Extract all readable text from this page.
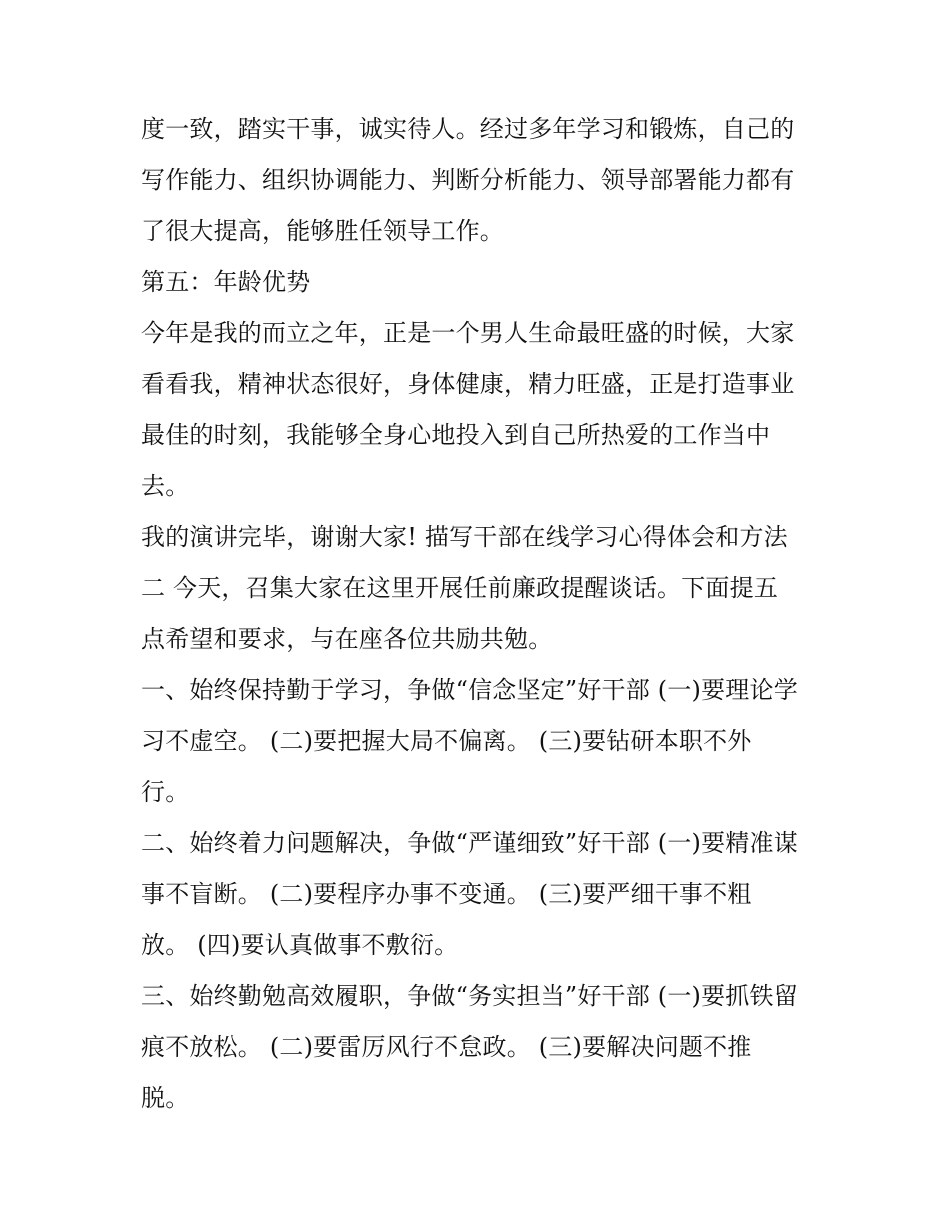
度一致，踏实干事，诚实待人。经过多年学习和锻炼，自己的
写作能力、组织协调能力、判断分析能力、领导部署能力都有
了很大提高，能够胜任领导工作。
第五：年龄优势
今年是我的而立之年，正是一个男人生命最旺盛的时候，大家
看看我，精神状态很好，身体健康，精力旺盛，正是打造事业
最佳的时刻，我能够全身心地投入到自己所热爱的工作当中
去。
我的演讲完毕，谢谢大家! 描写干部在线学习心得体会和方法
二 今天，召集大家在这里开展任前廉政提醒谈话。下面提五
点希望和要求，与在座各位共励共勉。
一、始终保持勤于学习，争做“信念坚定”好干部 (一)要理论学
习不虚空。 (二)要把握大局不偏离。 (三)要钻研本职不外
行。
二、始终着力问题解决，争做“严谨细致”好干部 (一)要精准谋
事不盲断。 (二)要程序办事不变通。 (三)要严细干事不粗
放。 (四)要认真做事不敷衍。
三、始终勤勉高效履职，争做“务实担当”好干部 (一)要抓铁留
痕不放松。 (二)要雷厉风行不怠政。 (三)要解决问题不推
脱。
